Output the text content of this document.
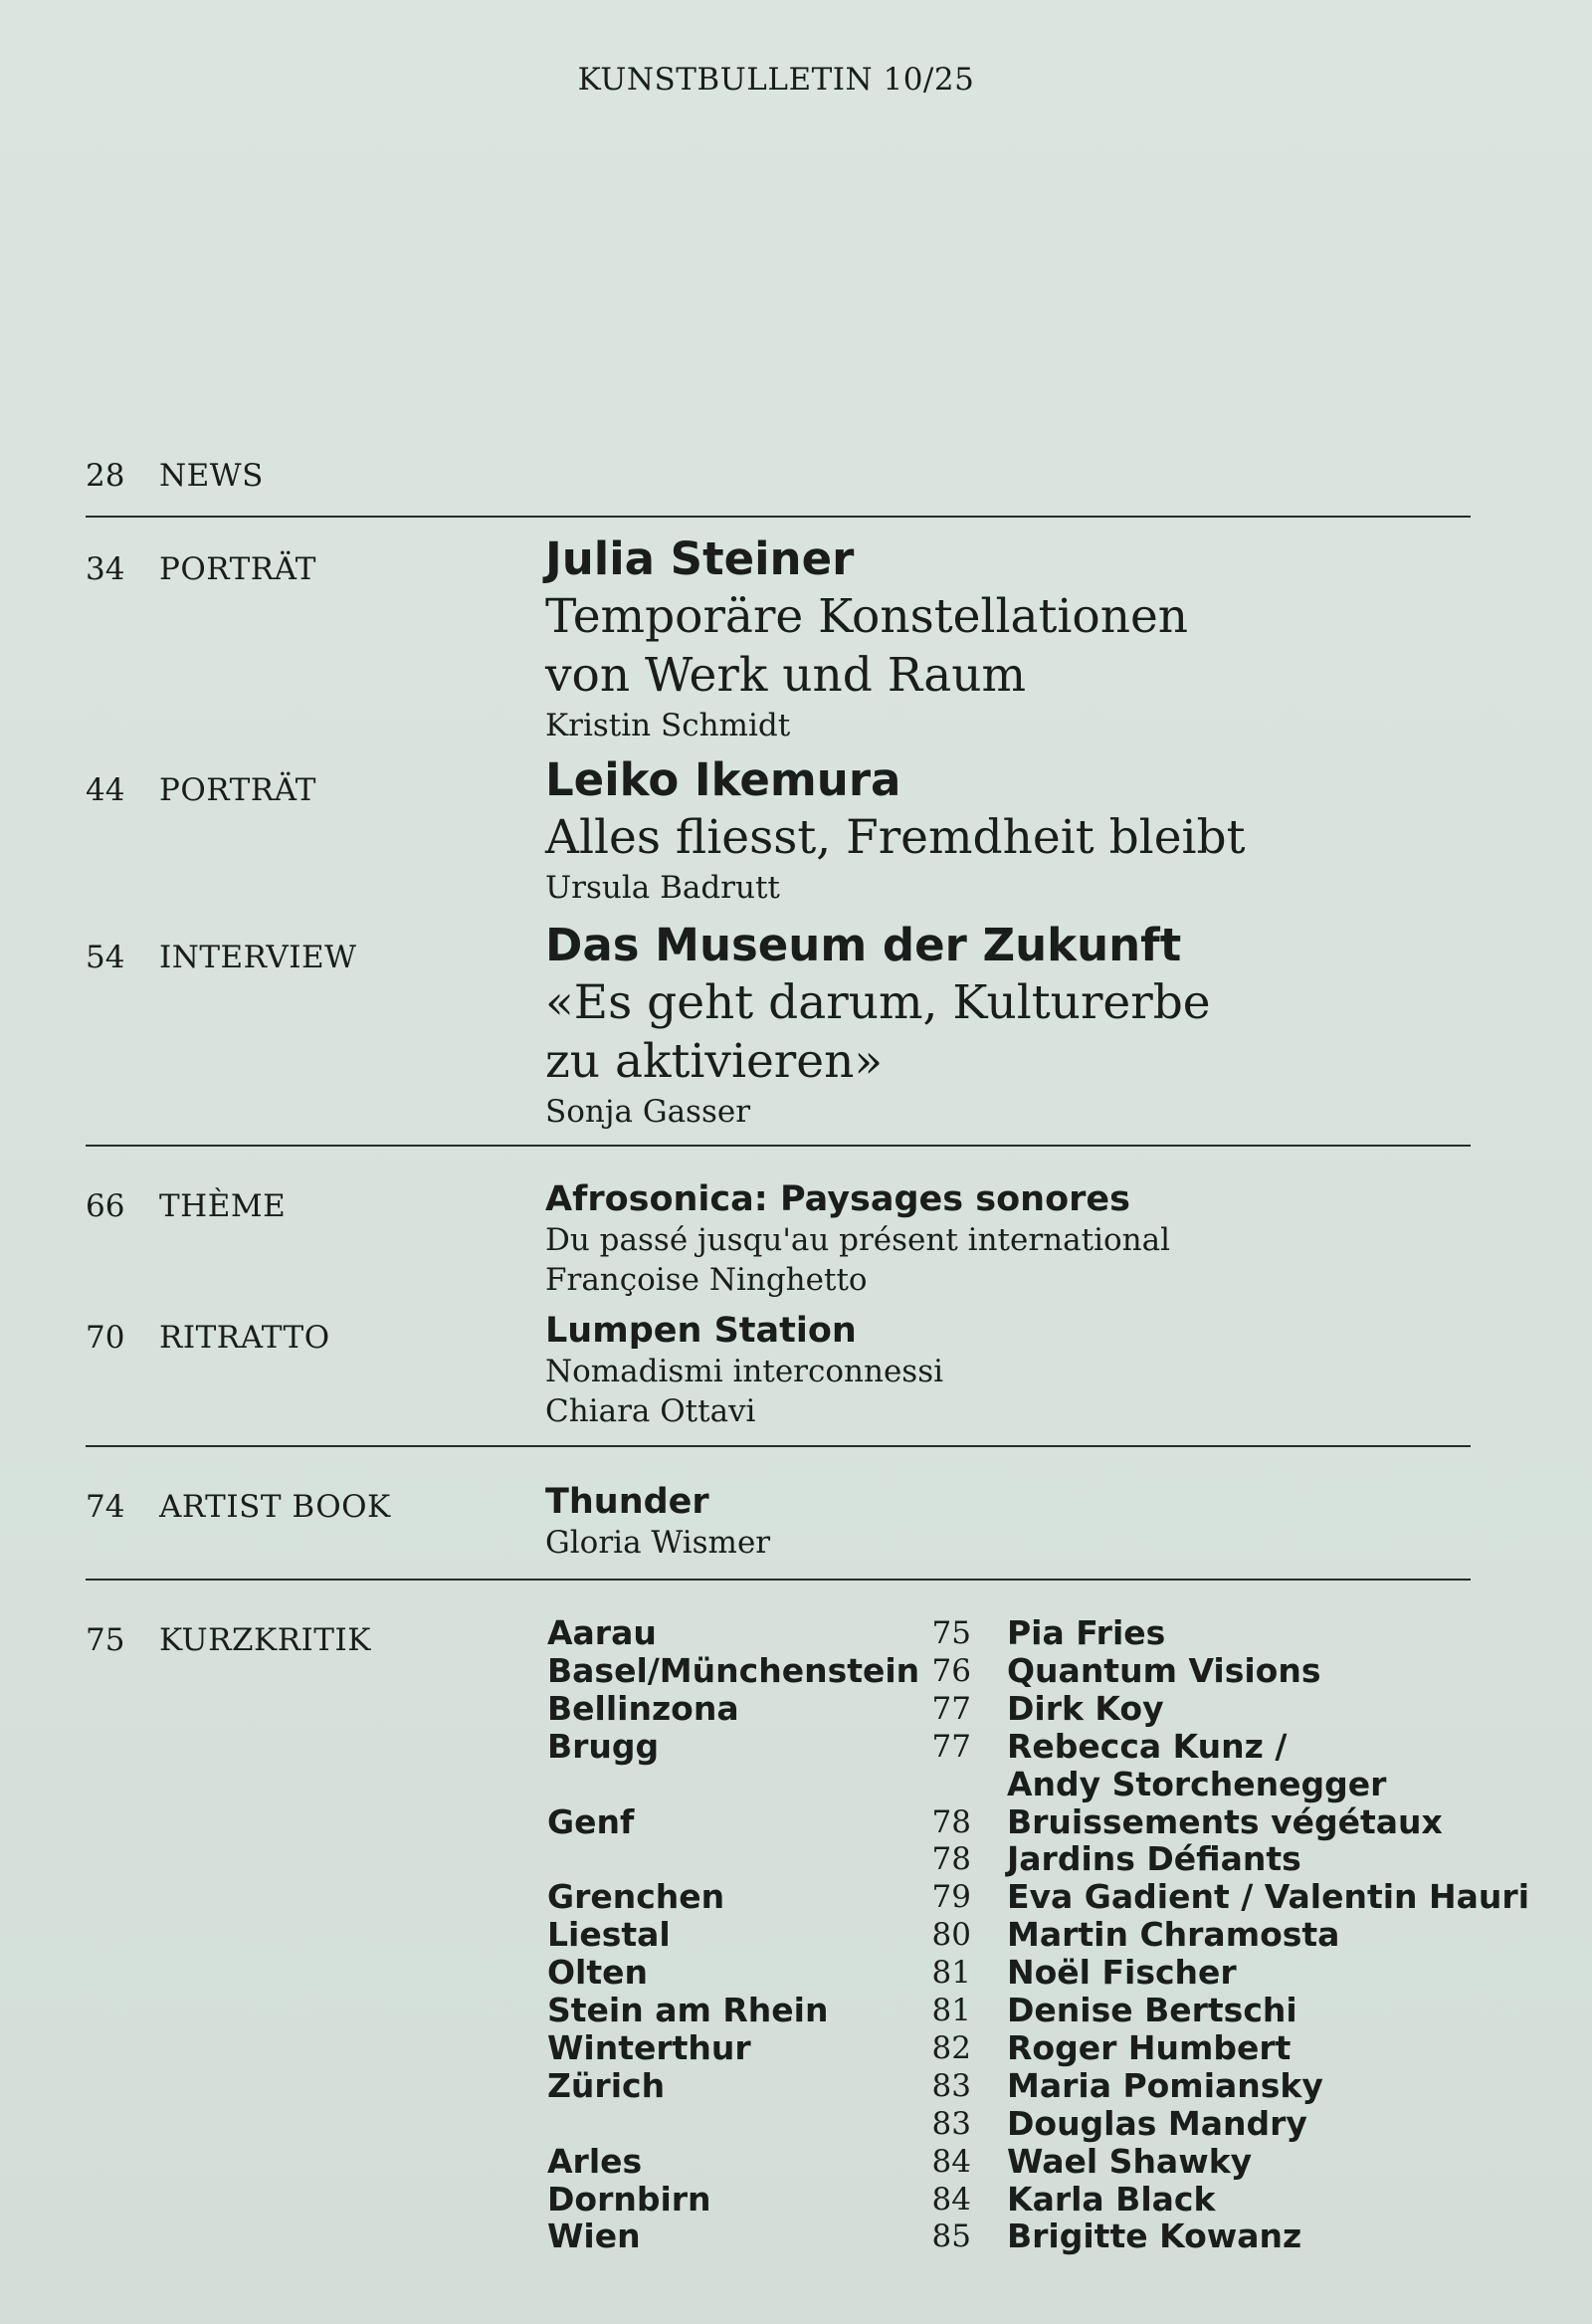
KUNSTBULLETIN 10/25
28 NEWS
34 PORTRÄT	Julia Steiner
Temporäre Konstellationen
von Werk und Raum
Kristin Schmidt
44 PORTRÄT	Leiko Ikemura
Alles fliesst, Fremdheit bleibt
Ursula Badrutt
54 INTERVIEW	Das Museum der Zukunft
«Es geht darum, Kulturerbe
zu aktivieren»
Sonja Gasser
66 THÈME	Afrosonica: Paysages sonores
Du passé jusqu'au présent international
Françoise Ninghetto
70 RITRATTO	Lumpen Station
Nomadismi interconnessi
Chiara Ottavi
74 ARTIST BOOK	Thunder
Gloria Wismer
75 KURZKRITIK	Aarau	75 Pia Fries
Basel/Münchenstein 76 Quantum Visions
Bellinzona	77 Dirk Koy
Brugg	77 Rebecca Kunz /
Andy Storchenegger
Genf	78 Bruissements végétaux
78 Jardins Défiants
Grenchen	79 Eva Gadient / Valentin Hauri
Liestal	80 Martin Chramosta
Olten	81 Noël Fischer
Stein am Rhein	81 Denise Bertschi
Winterthur	82 Roger Humbert
Zürich	83 Maria Pomiansky
83 Douglas Mandry
Arles	84 Wael Shawky
Dornbirn	84 Karla Black
Wien	85 Brigitte Kowanz
